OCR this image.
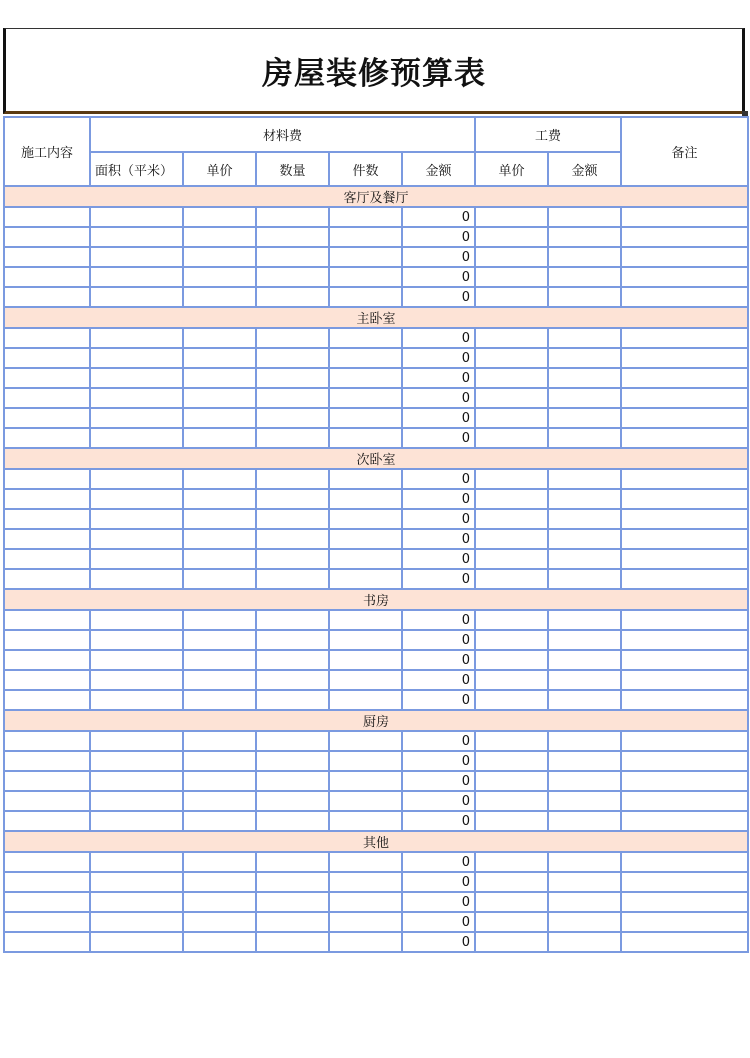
房屋装修预算表
施工内容	材料费					工费		备注
	面积（平米）	单价	数量	件数	金额	单价	金额	
客厅及餐厅								
					0			
					0			
					0			
					0			
					0			
主卧室								
					0			
					0			
					0			
					0			
					0			
					0			
次卧室								
					0			
					0			
					0			
					0			
					0			
					0			
书房								
					0			
					0			
					0			
					0			
					0			
厨房								
					0			
					0			
					0			
					0			
					0			
其他								
					0			
					0			
					0			
					0			
					0			
